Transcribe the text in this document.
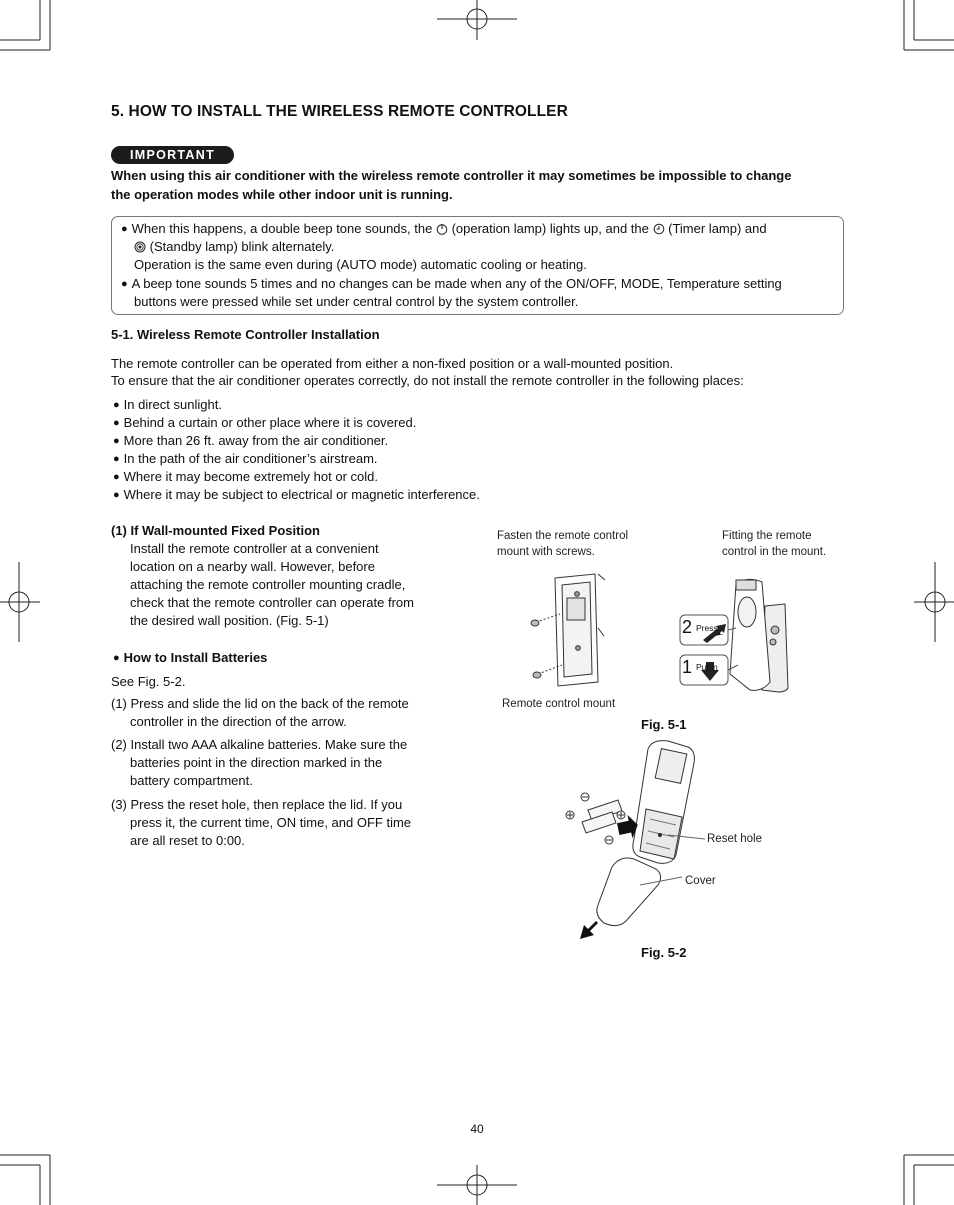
5. HOW TO INSTALL THE WIRELESS REMOTE CONTROLLER
IMPORTANT
When using this air conditioner with the wireless remote controller it may sometimes be impossible to change
the operation modes while other indoor unit is running.
● When this happens, a double beep tone sounds, the (operation lamp) lights up, and the (Timer lamp) and
(Standby lamp) blink alternately.
Operation is the same even during (AUTO mode) automatic cooling or heating.
● A beep tone sounds 5 times and no changes can be made when any of the ON/OFF, MODE, Temperature setting
buttons were pressed while set under central control by the system controller.
5-1. Wireless Remote Controller Installation
The remote controller can be operated from either a non-fixed position or a wall-mounted position.
To ensure that the air conditioner operates correctly, do not install the remote controller in the following places:
● In direct sunlight.
● Behind a curtain or other place where it is covered.
● More than 26 ft. away from the air conditioner.
● In the path of the air conditioner’s airstream.
● Where it may become extremely hot or cold.
● Where it may be subject to electrical or magnetic interference.
(1) If Wall-mounted Fixed Position
Install the remote controller at a convenient
location on a nearby wall. However, before
attaching the remote controller mounting cradle,
check that the remote controller can operate from
the desired wall position. (Fig. 5-1)
● How to Install Batteries
See Fig. 5-2.
(1) Press and slide the lid on the back of the remote
controller in the direction of the arrow.
(2) Install two AAA alkaline batteries. Make sure the
batteries point in the direction marked in the
battery compartment.
(3) Press the reset hole, then replace the lid. If you
press it, the current time, ON time, and OFF time
are all reset to 0:00.
Fasten the remote control
mount with screws.
Fitting the remote
control in the mount.
2 Press
1 Put in
Remote control mount
Fig. 5-1
Reset hole
Cover
Fig. 5-2
40
